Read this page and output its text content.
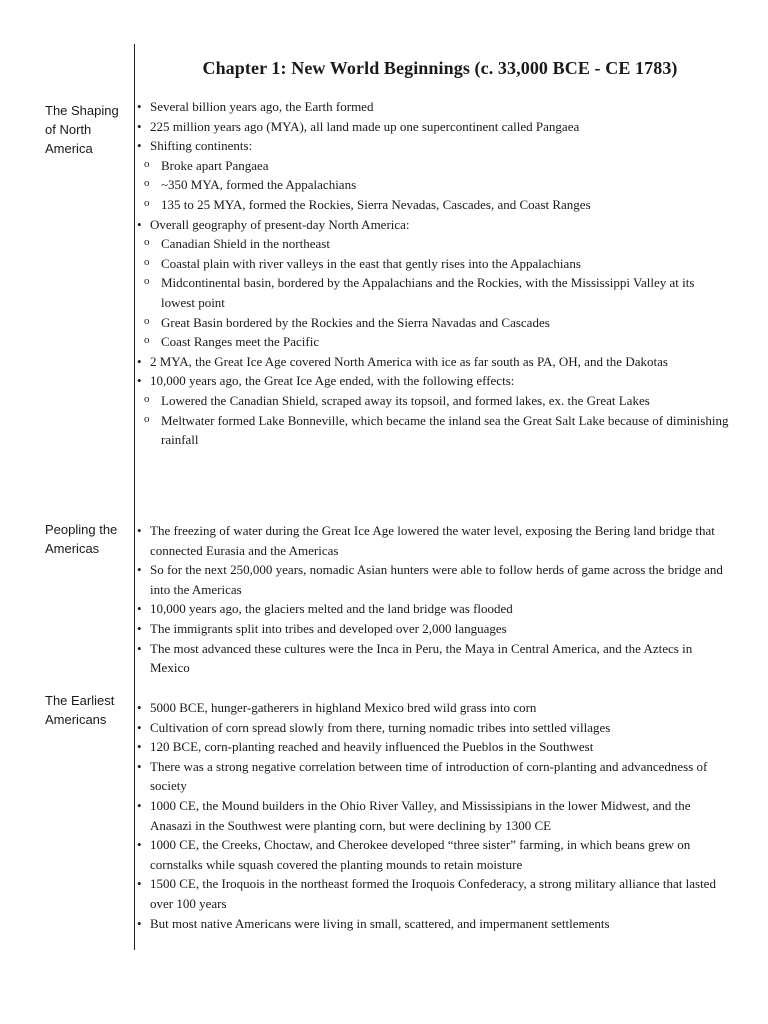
Chapter 1: New World Beginnings (c. 33,000 BCE - CE 1783)
The Shaping of North America
• Several billion years ago, the Earth formed
• 225 million years ago (MYA), all land made up one supercontinent called Pangaea
• Shifting continents:
o Broke apart Pangaea
o ~350 MYA, formed the Appalachians
o 135 to 25 MYA, formed the Rockies, Sierra Nevadas, Cascades, and Coast Ranges
• Overall geography of present-day North America:
o Canadian Shield in the northeast
o Coastal plain with river valleys in the east that gently rises into the Appalachians
o Midcontinental basin, bordered by the Appalachians and the Rockies, with the Mississippi Valley at its lowest point
o Great Basin bordered by the Rockies and the Sierra Navadas and Cascades
o Coast Ranges meet the Pacific
• 2 MYA, the Great Ice Age covered North America with ice as far south as PA, OH, and the Dakotas
• 10,000 years ago, the Great Ice Age ended, with the following effects:
o Lowered the Canadian Shield, scraped away its topsoil, and formed lakes, ex. the Great Lakes
o Meltwater formed Lake Bonneville, which became the inland sea the Great Salt Lake because of diminishing rainfall
Peopling the Americas
• The freezing of water during the Great Ice Age lowered the water level, exposing the Bering land bridge that connected Eurasia and the Americas
• So for the next 250,000 years, nomadic Asian hunters were able to follow herds of game across the bridge and into the Americas
• 10,000 years ago, the glaciers melted and the land bridge was flooded
• The immigrants split into tribes and developed over 2,000 languages
• The most advanced these cultures were the Inca in Peru, the Maya in Central America, and the Aztecs in Mexico
The Earliest Americans
• 5000 BCE, hunger-gatherers in highland Mexico bred wild grass into corn
• Cultivation of corn spread slowly from there, turning nomadic tribes into settled villages
• 120 BCE, corn-planting reached and heavily influenced the Pueblos in the Southwest
• There was a strong negative correlation between time of introduction of corn-planting and advancedness of society
• 1000 CE, the Mound builders in the Ohio River Valley, and Mississipians in the lower Midwest, and the Anasazi in the Southwest were planting corn, but were declining by 1300 CE
• 1000 CE, the Creeks, Choctaw, and Cherokee developed “three sister” farming, in which beans grew on cornstalks while squash covered the planting mounds to retain moisture
• 1500 CE, the Iroquois in the northeast formed the Iroquois Confederacy, a strong military alliance that lasted over 100 years
• But most native Americans were living in small, scattered, and impermanent settlements
